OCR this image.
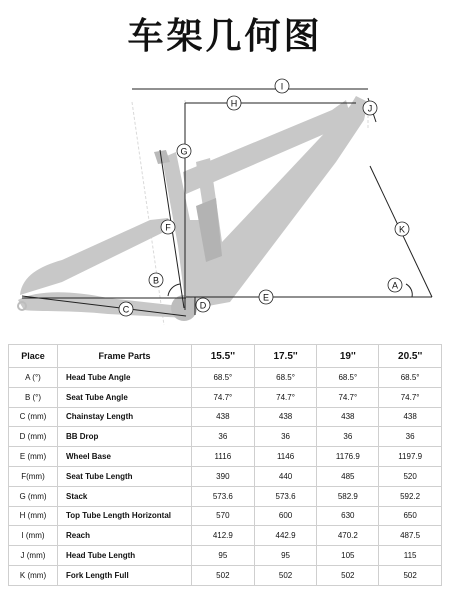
车架几何图
A
B
C	D
E
F
G
H
I
J
K
Place	Frame Parts	15.5''	17.5''	19''	20.5''
A (°)	Head Tube Angle	68.5°	68.5°	68.5°	68.5°
B (°)	Seat Tube Angle	74.7°	74.7°	74.7°	74.7°
C (mm)	Chainstay Length	438	438	438	438
D (mm)	BB Drop	36	36	36	36
E (mm)	Wheel Base	1116	1146	1176.9	1197.9
F(mm)	Seat Tube Length	390	440	485	520
G (mm)	Stack	573.6	573.6	582.9	592.2
H (mm)	Top Tube Length Horizontal	570	600	630	650
I (mm)	Reach	412.9	442.9	470.2	487.5
J (mm)	Head Tube Length	95	95	105	115
K (mm)	Fork Length Full	502	502	502	502
